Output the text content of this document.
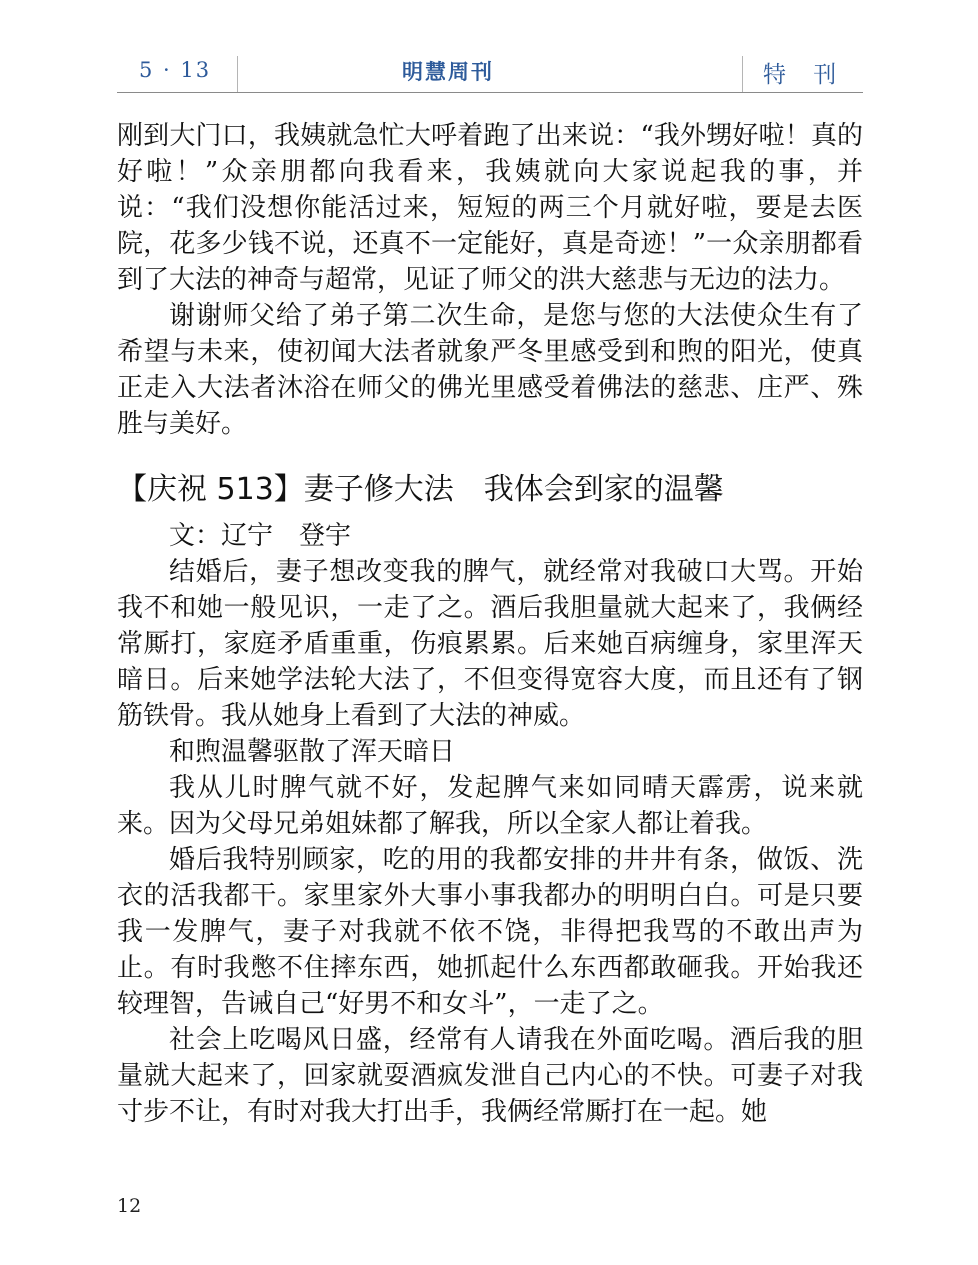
5 · 13	明慧周刊	特 刊

刚到大门口，我姨就急忙大呼着跑了出来说：“我外甥好啦！真的好啦！”众亲朋都向我看来，我姨就向大家说起我的事，并说：“我们没想你能活过来，短短的两三个月就好啦，要是去医院，花多少钱不说，还真不一定能好，真是奇迹！”一众亲朋都看到了大法的神奇与超常，见证了师父的洪大慈悲与无边的法力。

谢谢师父给了弟子第二次生命，是您与您的大法使众生有了希望与未来，使初闻大法者就象严冬里感受到和煦的阳光，使真正走入大法者沐浴在师父的佛光里感受着佛法的慈悲、庄严、殊胜与美好。

【庆祝 513】妻子修大法　我体会到家的温馨

文：辽宁　登宇

结婚后，妻子想改变我的脾气，就经常对我破口大骂。开始我不和她一般见识，一走了之。酒后我胆量就大起来了，我俩经常厮打，家庭矛盾重重，伤痕累累。后来她百病缠身，家里浑天暗日。后来她学法轮大法了，不但变得宽容大度，而且还有了钢筋铁骨。我从她身上看到了大法的神威。

和煦温馨驱散了浑天暗日

我从儿时脾气就不好，发起脾气来如同晴天霹雳，说来就来。因为父母兄弟姐妹都了解我，所以全家人都让着我。

婚后我特别顾家，吃的用的我都安排的井井有条，做饭、洗衣的活我都干。家里家外大事小事我都办的明明白白。可是只要我一发脾气，妻子对我就不依不饶，非得把我骂的不敢出声为止。有时我憋不住摔东西，她抓起什么东西都敢砸我。开始我还较理智，告诫自己“好男不和女斗”，一走了之。

社会上吃喝风日盛，经常有人请我在外面吃喝。酒后我的胆量就大起来了，回家就耍酒疯发泄自己内心的不快。可妻子对我寸步不让，有时对我大打出手，我俩经常厮打在一起。她

12
